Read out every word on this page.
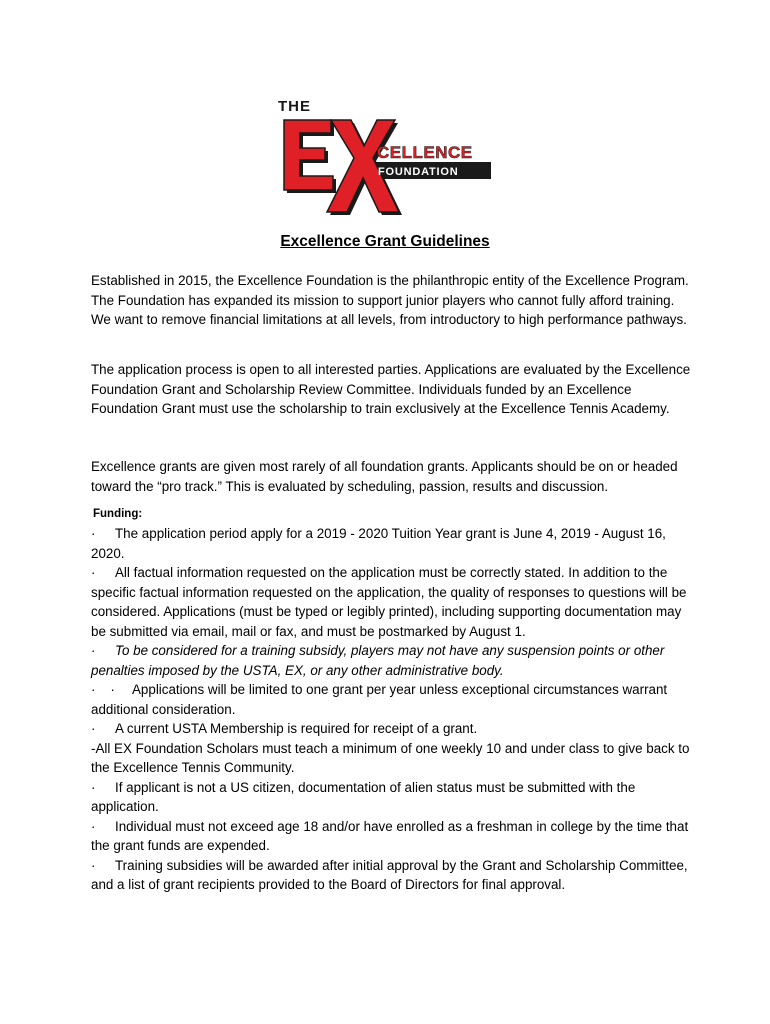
THE
CELLENCE
FOUNDATION
Excellence Grant Guidelines

Established in 2015, the Excellence Foundation is the philanthropic entity of the Excellence Program. The Foundation has expanded its mission to support junior players who cannot fully afford training. We want to remove financial limitations at all levels, from introductory to high performance pathways.

The application process is open to all interested parties. Applications are evaluated by the Excellence Foundation Grant and Scholarship Review Committee. Individuals funded by an Excellence Foundation Grant must use the scholarship to train exclusively at the Excellence Tennis Academy.

Excellence grants are given most rarely of all foundation grants. Applicants should be on or headed toward the “pro track.” This is evaluated by scheduling, passion, results and discussion.

Funding:

· The application period apply for a 2019 - 2020 Tuition Year grant is June 4, 2019 - August 16, 2020.

· All factual information requested on the application must be correctly stated. In addition to the specific factual information requested on the application, the quality of responses to questions will be considered. Applications (must be typed or legibly printed), including supporting documentation may be submitted via email, mail or fax, and must be postmarked by August 1.

· To be considered for a training subsidy, players may not have any suspension points or other penalties imposed by the USTA, EX, or any other administrative body.

·    · Applications will be limited to one grant per year unless exceptional circumstances warrant additional consideration.

· A current USTA Membership is required for receipt of a grant.

-All EX Foundation Scholars must teach a minimum of one weekly 10 and under class to give back to the Excellence Tennis Community.

· If applicant is not a US citizen, documentation of alien status must be submitted with the application.

· Individual must not exceed age 18 and/or have enrolled as a freshman in college by the time that the grant funds are expended.

· Training subsidies will be awarded after initial approval by the Grant and Scholarship Committee, and a list of grant recipients provided to the Board of Directors for final approval.
